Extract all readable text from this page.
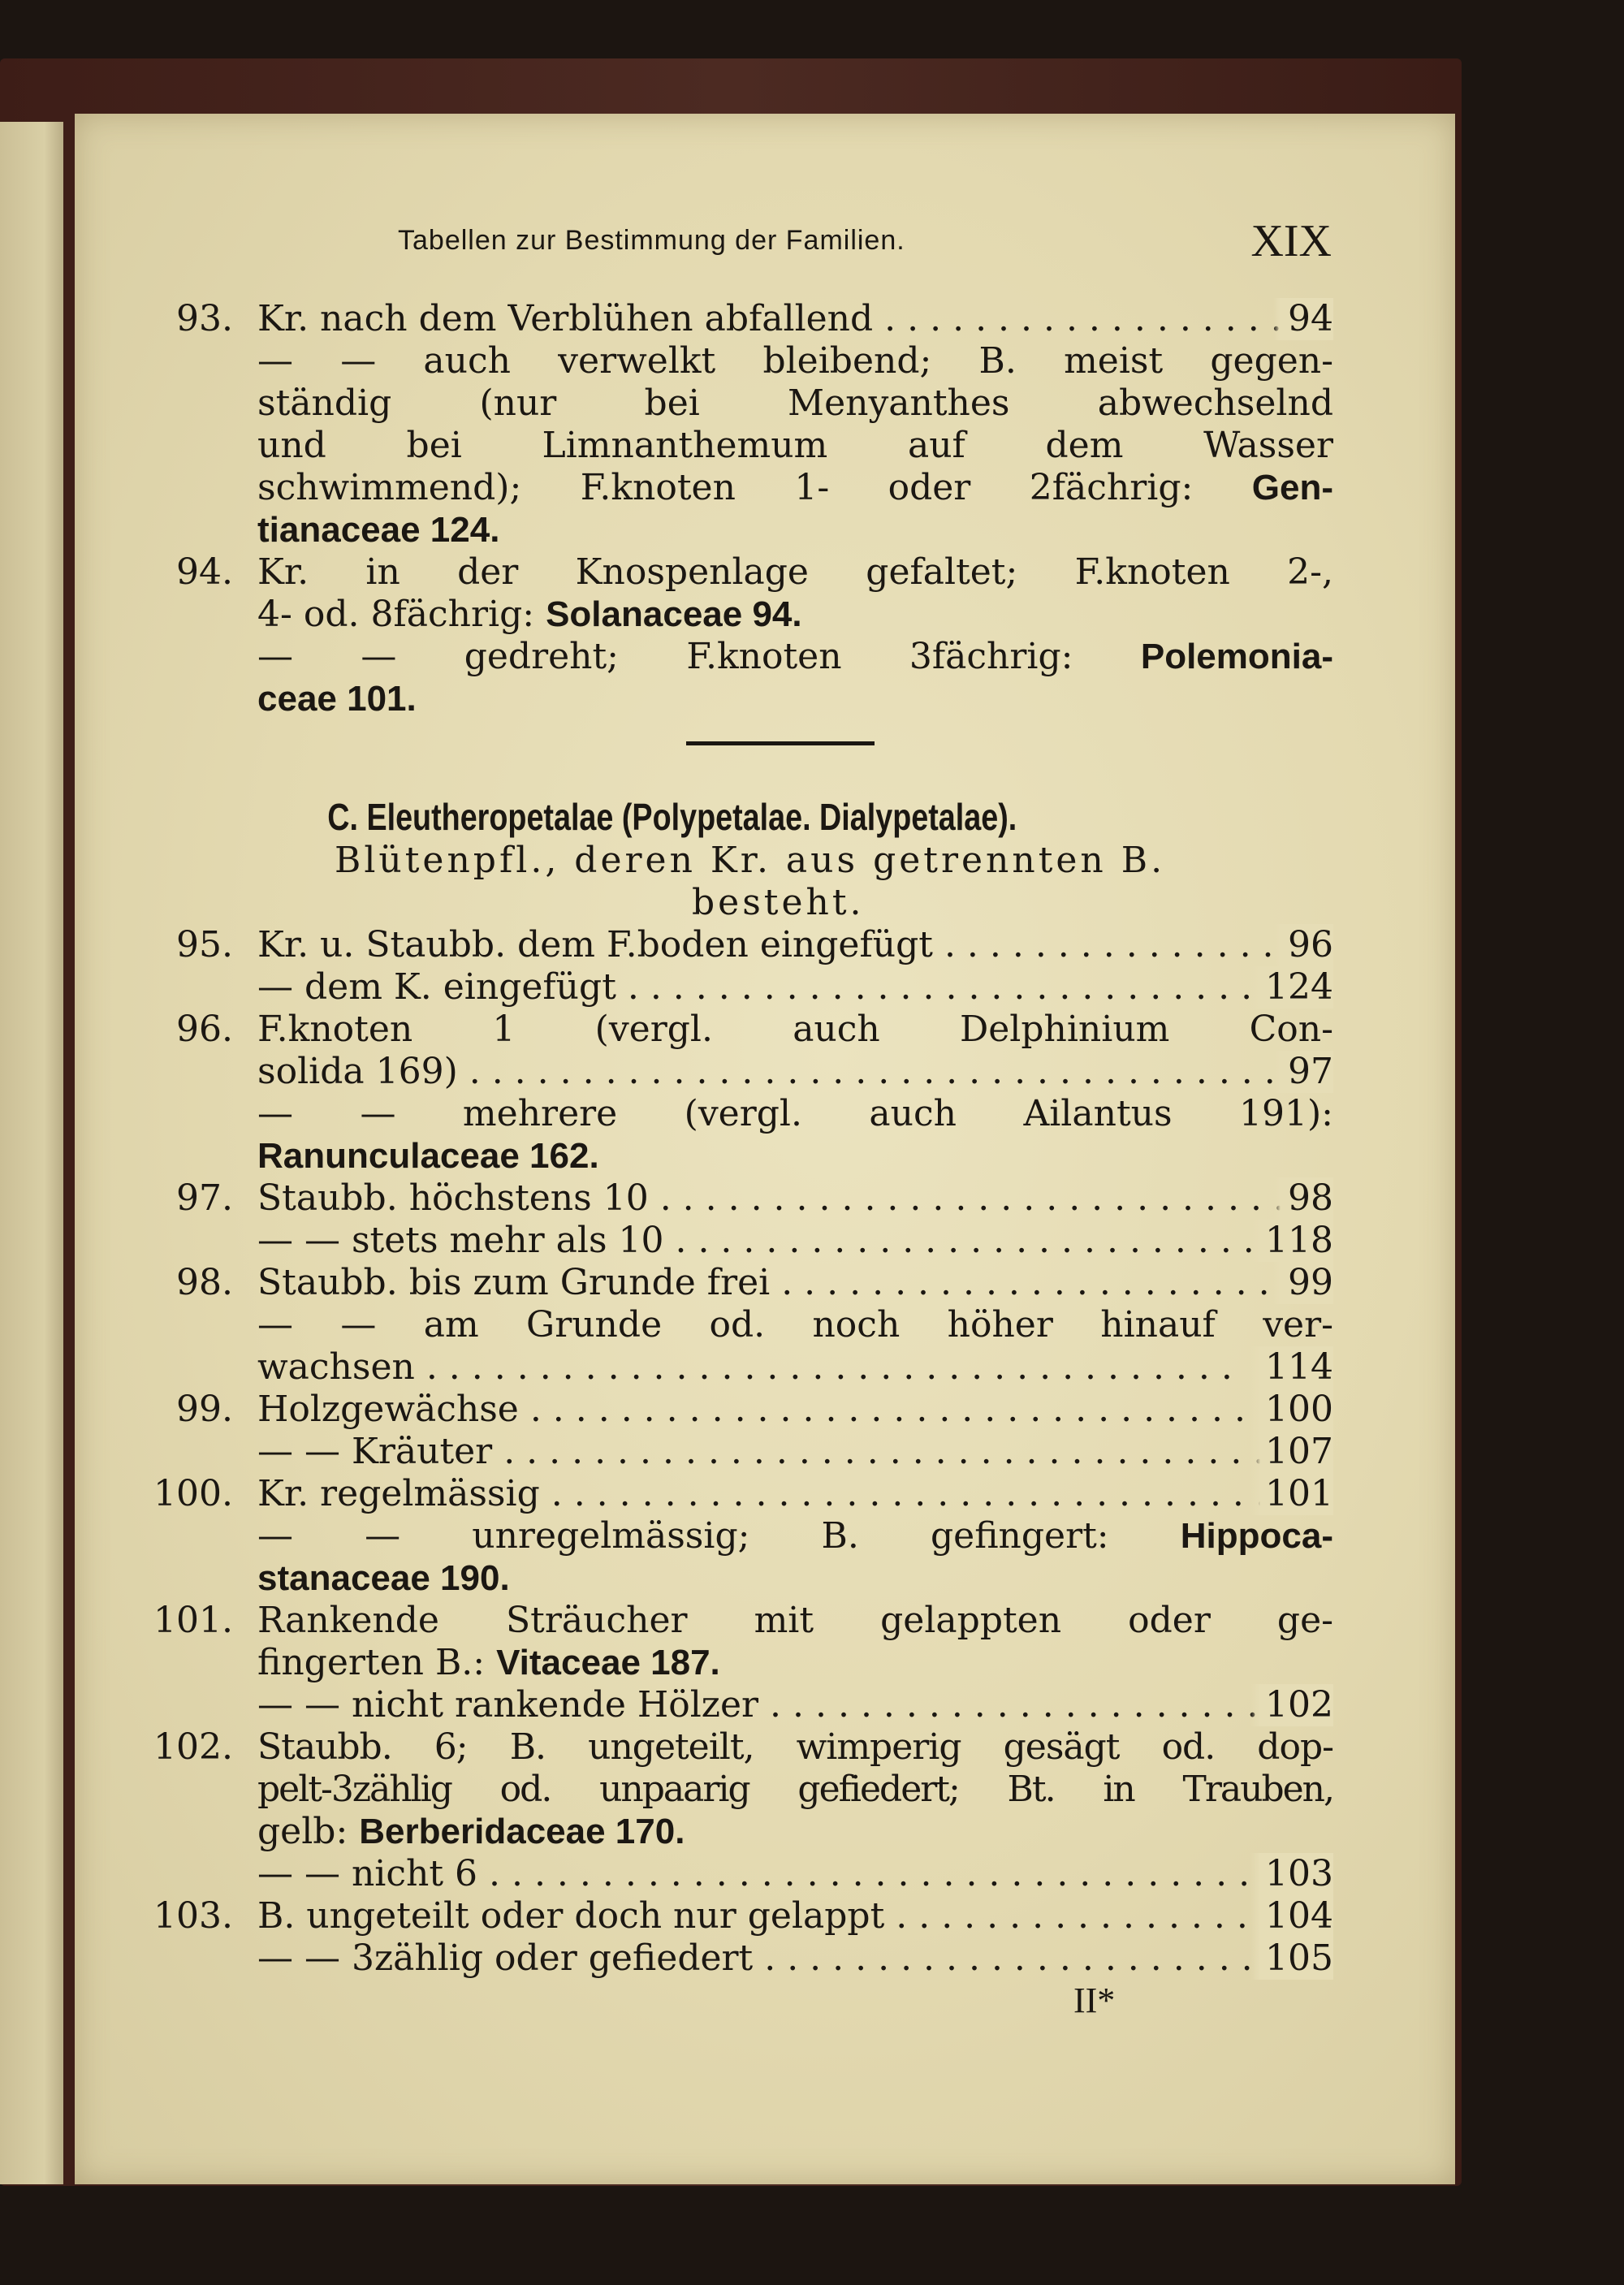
Tabellen zur Bestimmung der Familien.	XIX
93. Kr. nach dem Verblühen abfallend . . .	94
— — auch verwelkt bleibend; B. meist gegen-
ständig (nur bei Menyanthes abwechselnd
und bei Limnanthemum auf dem Wasser
schwimmend); F.knoten 1- oder 2fächrig: Gen-
tianaceae 124.
94. Kr. in der Knospenlage gefaltet; F.knoten 2-,
4- od. 8fächrig: Solanaceae 94.
— — gedreht; F.knoten 3fächrig: Polemonia-
ceae 101.
C. Eleutheropetalae (Polypetalae. Dialypetalae).
Blütenpfl., deren Kr. aus getrennten B.
besteht.
95. Kr. u. Staubb. dem F.boden eingefügt . . .	96
— dem K. eingefügt . . .	124
96. F.knoten 1 (vergl. auch Delphinium Con-
solida 169) . . .	97
— — mehrere (vergl. auch Ailantus 191):
Ranunculaceae 162.
97. Staubb. höchstens 10 . . .	98
— — stets mehr als 10 . . .	118
98. Staubb. bis zum Grunde frei . . .	99
— — am Grunde od. noch höher hinauf ver-
wachsen . . .	114
99. Holzgewächse . . .	100
— — Kräuter . . .	107
100. Kr. regelmässig . . .	101
— — unregelmässig; B. gefingert: Hippoca-
stanaceae 190.
101. Rankende Sträucher mit gelappten oder ge-
fingerten B.: Vitaceae 187.
— — nicht rankende Hölzer . . .	102
102. Staubb. 6; B. ungeteilt, wimperig gesägt od. dop-
pelt-3zählig od. unpaarig gefiedert; Bt. in Trauben,
gelb: Berberidaceae 170.
— — nicht 6 . . .	103
103. B. ungeteilt oder doch nur gelappt . . .	104
— — 3zählig oder gefiedert . . .	105
II*
